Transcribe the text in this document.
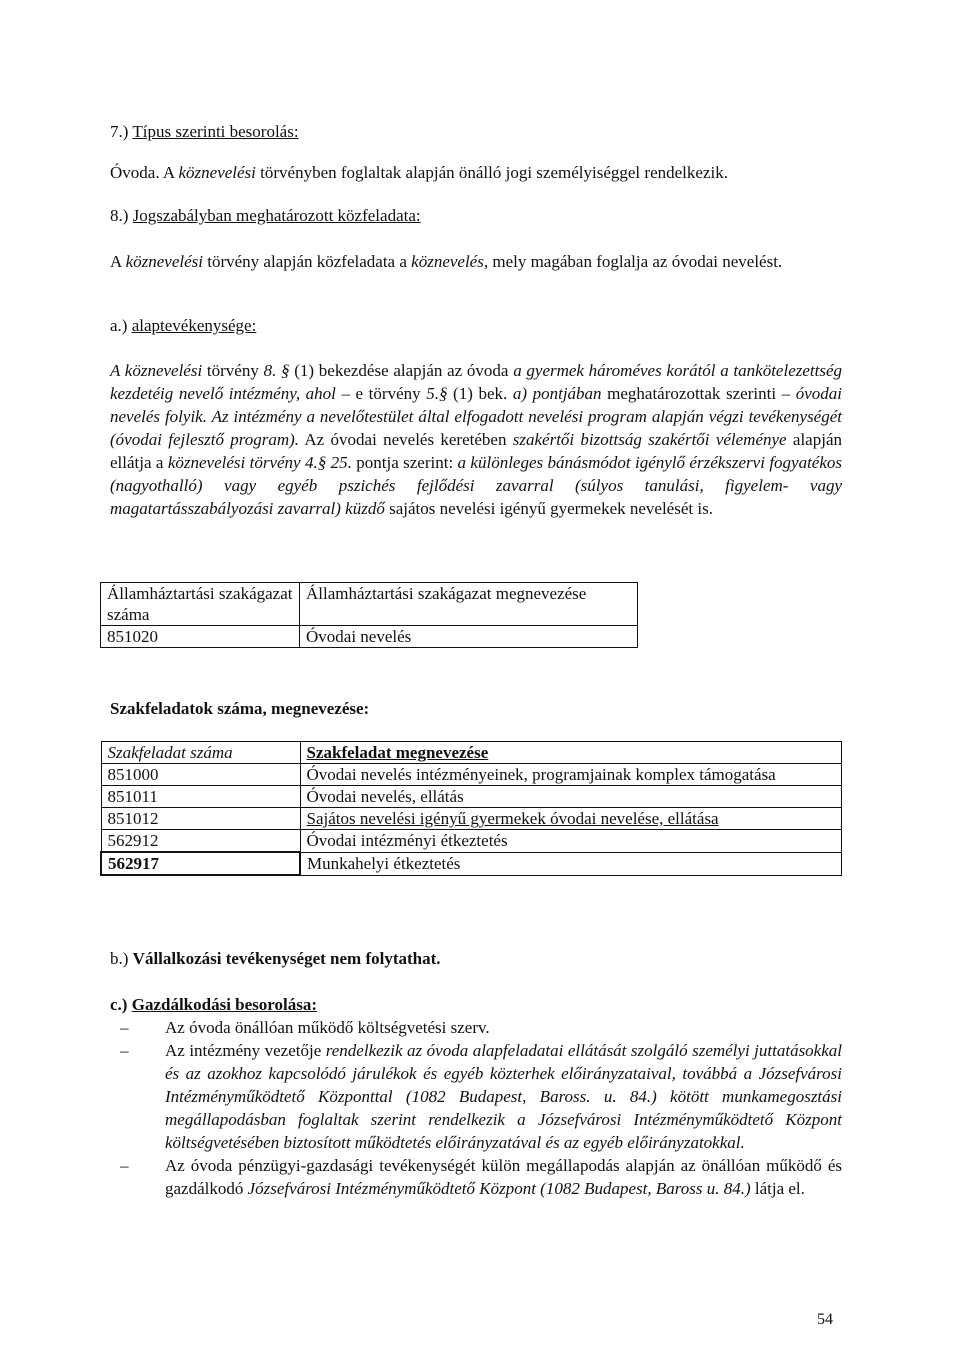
7.) Típus szerinti besorolás:

Óvoda. A köznevelési törvényben foglaltak alapján önálló jogi személyiséggel rendelkezik.

8.) Jogszabályban meghatározott közfeladata:

A köznevelési törvény alapján közfeladata a köznevelés, mely magában foglalja az óvodai nevelést.

a.) alaptevékenysége:

A köznevelési törvény 8. § (1) bekezdése alapján az óvoda a gyermek hároméves korától a tankötelezettség kezdetéig nevelő intézmény, ahol – e törvény 5.§ (1) bek. a) pontjában meghatározottak szerinti – óvodai nevelés folyik. Az intézmény a nevelőtestület által elfogadott nevelési program alapján végzi tevékenységét (óvodai fejlesztő program). Az óvodai nevelés keretében szakértői bizottság szakértői véleménye alapján ellátja a köznevelési törvény 4.§ 25. pontja szerint: a különleges bánásmódot igénylő érzékszervi fogyatékos (nagyothalló) vagy egyéb pszichés fejlődési zavarral (súlyos tanulási, figyelem- vagy magatartásszabályozási zavarral) küzdő sajátos nevelési igényű gyermekek nevelését is.

Államháztartási szakágazat száma	Államháztartási szakágazat megnevezése
851020	Óvodai nevelés

Szakfeladatok száma, megnevezése:

Szakfeladat száma	Szakfeladat megnevezése
851000	Óvodai nevelés intézményeinek, programjainak komplex támogatása
851011	Óvodai nevelés, ellátás
851012	Sajátos nevelési igényű gyermekek óvodai nevelése, ellátása
562912	Óvodai intézményi étkeztetés
562917	Munkahelyi étkeztetés

b.) Vállalkozási tevékenységet nem folytathat.

c.) Gazdálkodási besorolása:

– Az óvoda önállóan működő költségvetési szerv.
– Az intézmény vezetője rendelkezik az óvoda alapfeladatai ellátását szolgáló személyi juttatásokkal és az azokhoz kapcsolódó járulékok és egyéb közterhek előirányzataival, továbbá a Józsefvárosi Intézményműködtető Központtal (1082 Budapest, Baross. u. 84.) kötött munkamegosztási megállapodásban foglaltak szerint rendelkezik a Józsefvárosi Intézményműködtető Központ költségvetésében biztosított működtetés előirányzatával és az egyéb előirányzatokkal.
– Az óvoda pénzügyi-gazdasági tevékenységét külön megállapodás alapján az önállóan működő és gazdálkodó Józsefvárosi Intézményműködtető Központ (1082 Budapest, Baross u. 84.) látja el.
54
